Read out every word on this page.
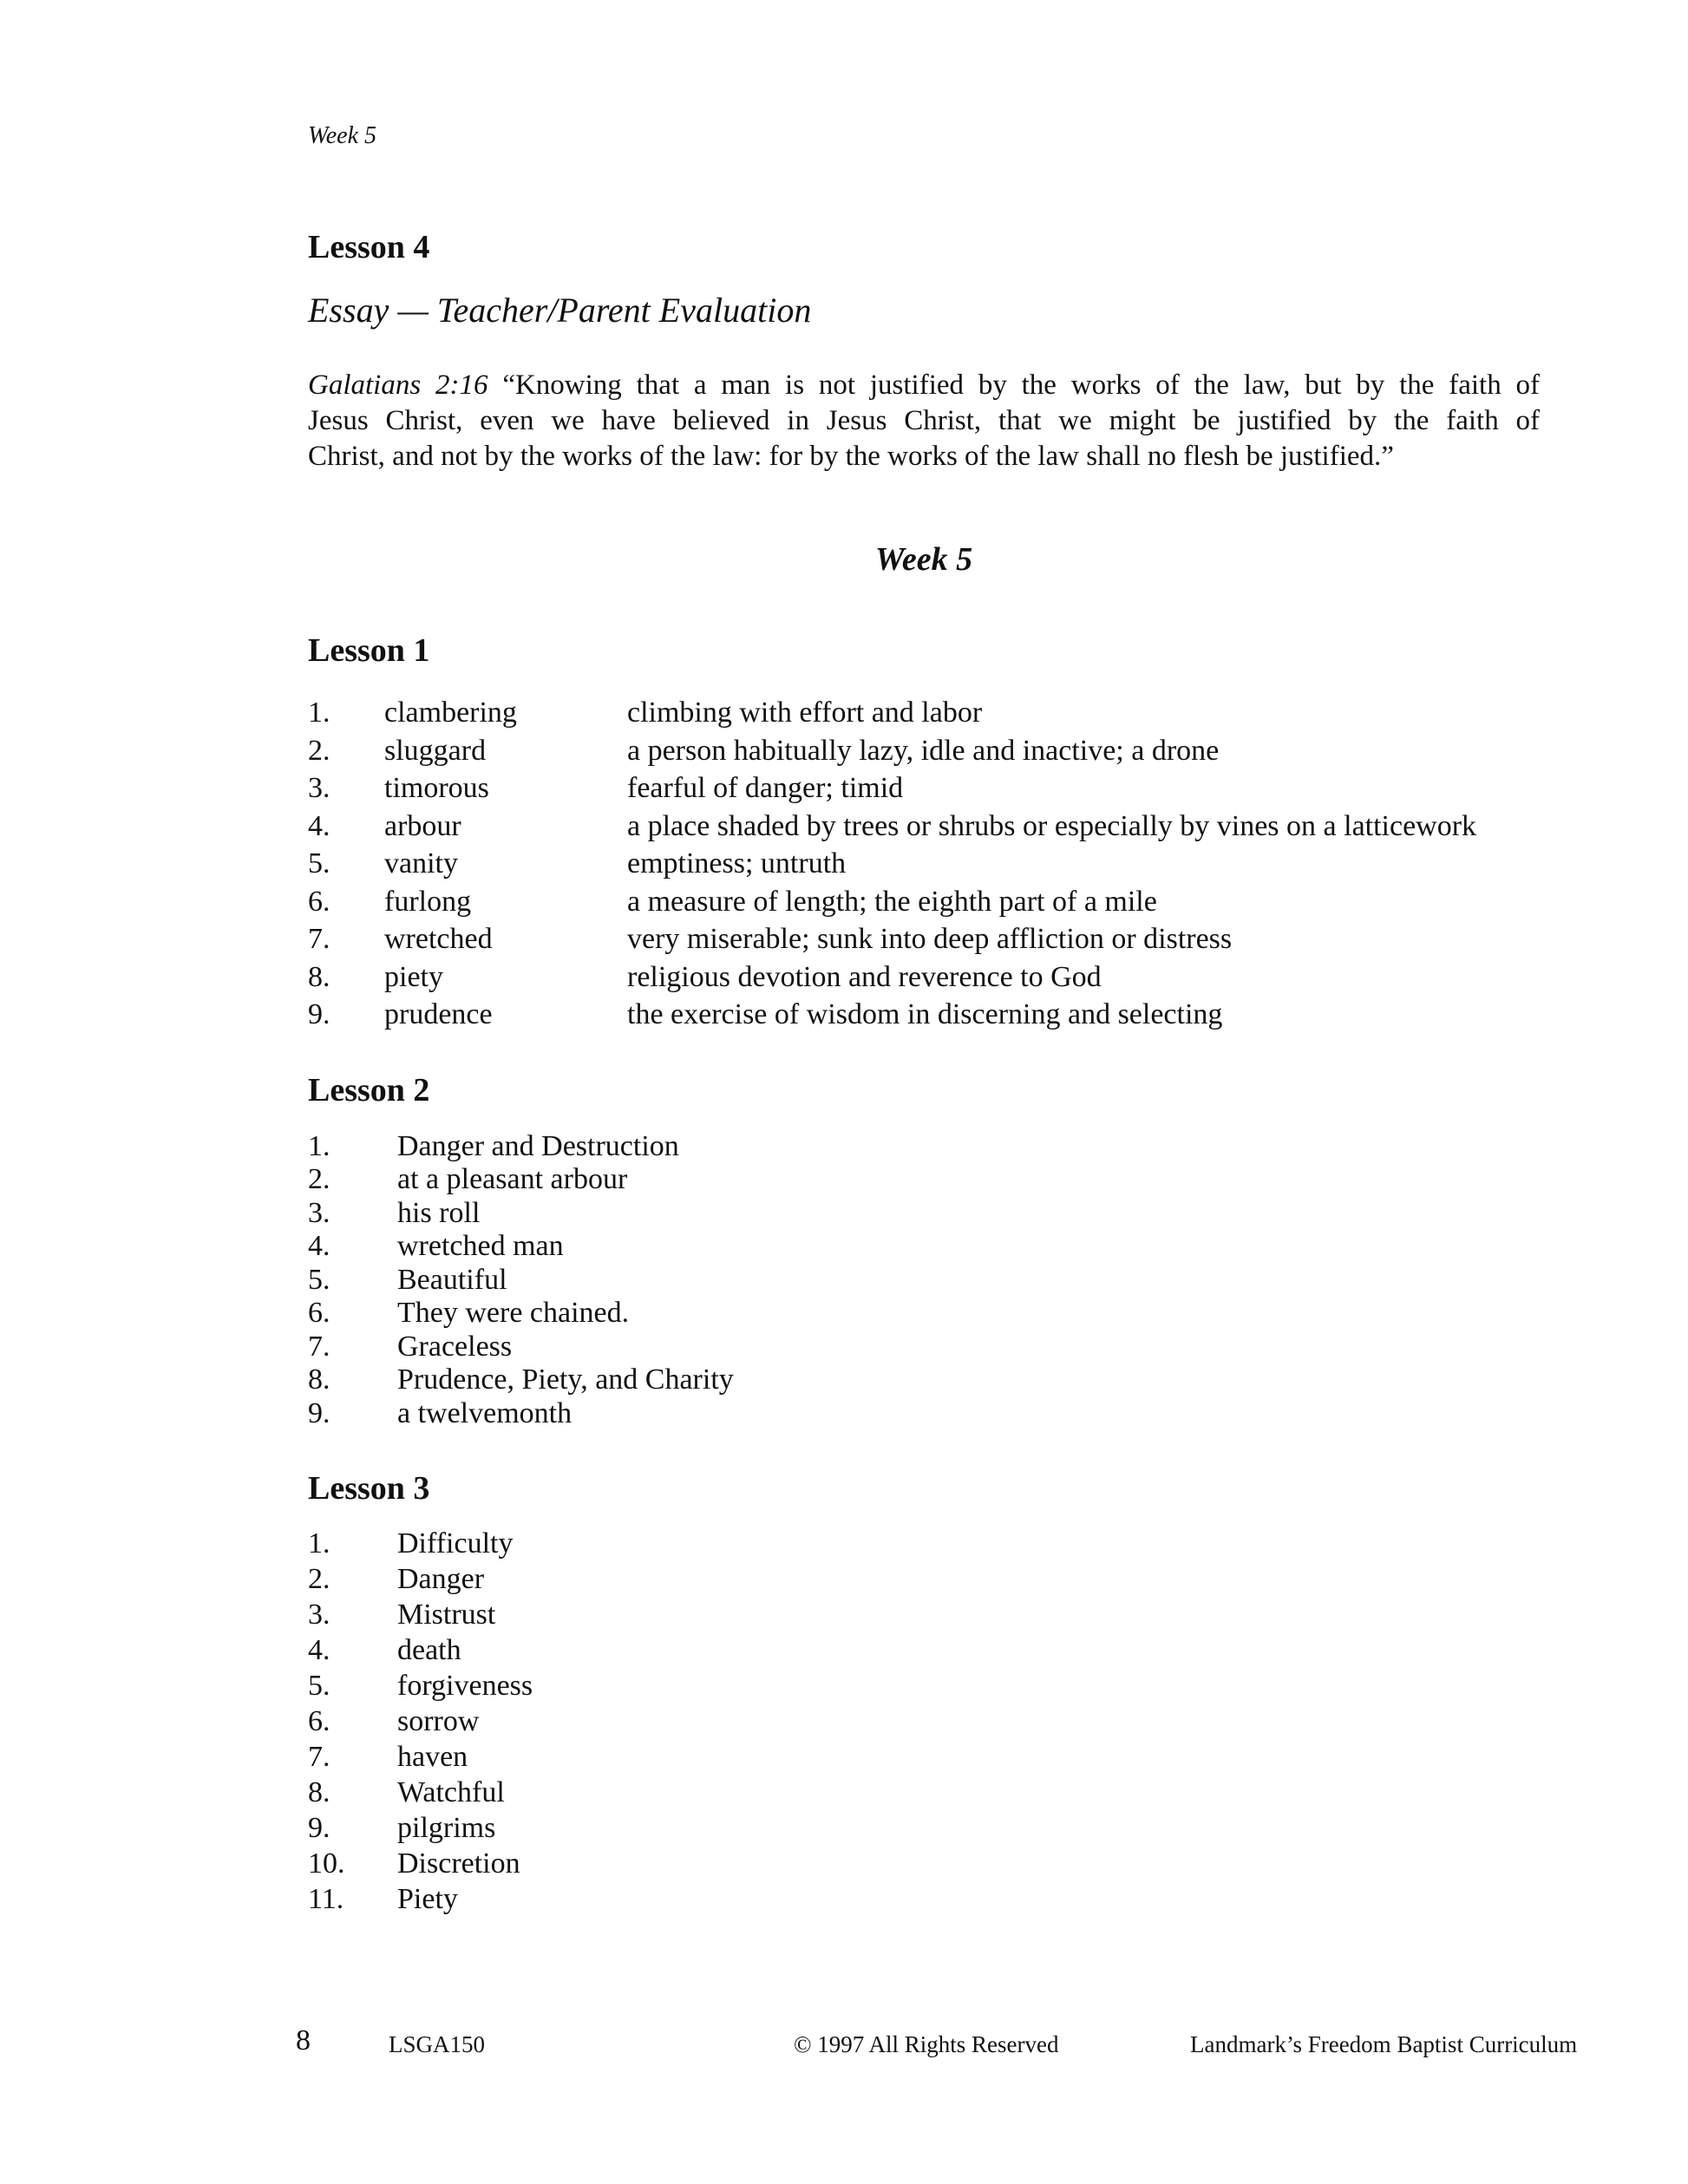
Week 5
Lesson 4
Essay — Teacher/Parent Evaluation
Galatians 2:16 “Knowing that a man is not justified by the works of the law, but by the faith of
Jesus Christ, even we have believed in Jesus Christ, that we might be justified by the faith of
Christ, and not by the works of the law: for by the works of the law shall no flesh be justified.”
Week 5
Lesson 1
1. clambering	climbing with effort and labor
2. sluggard	a person habitually lazy, idle and inactive; a drone
3. timorous	fearful of danger; timid
4. arbour	a place shaded by trees or shrubs or especially by vines on a latticework
5. vanity	emptiness; untruth
6. furlong	a measure of length; the eighth part of a mile
7. wretched	very miserable; sunk into deep affliction or distress
8. piety	religious devotion and reverence to God
9. prudence	the exercise of wisdom in discerning and selecting
Lesson 2
1. Danger and Destruction
2. at a pleasant arbour
3. his roll
4. wretched man
5. Beautiful
6. They were chained.
7. Graceless
8. Prudence, Piety, and Charity
9. a twelvemonth
Lesson 3
1. Difficulty
2. Danger
3. Mistrust
4. death
5. forgiveness
6. sorrow
7. haven
8. Watchful
9. pilgrims
10. Discretion
11. Piety
8	LSGA150	© 1997 All Rights Reserved	Landmark’s Freedom Baptist Curriculum
